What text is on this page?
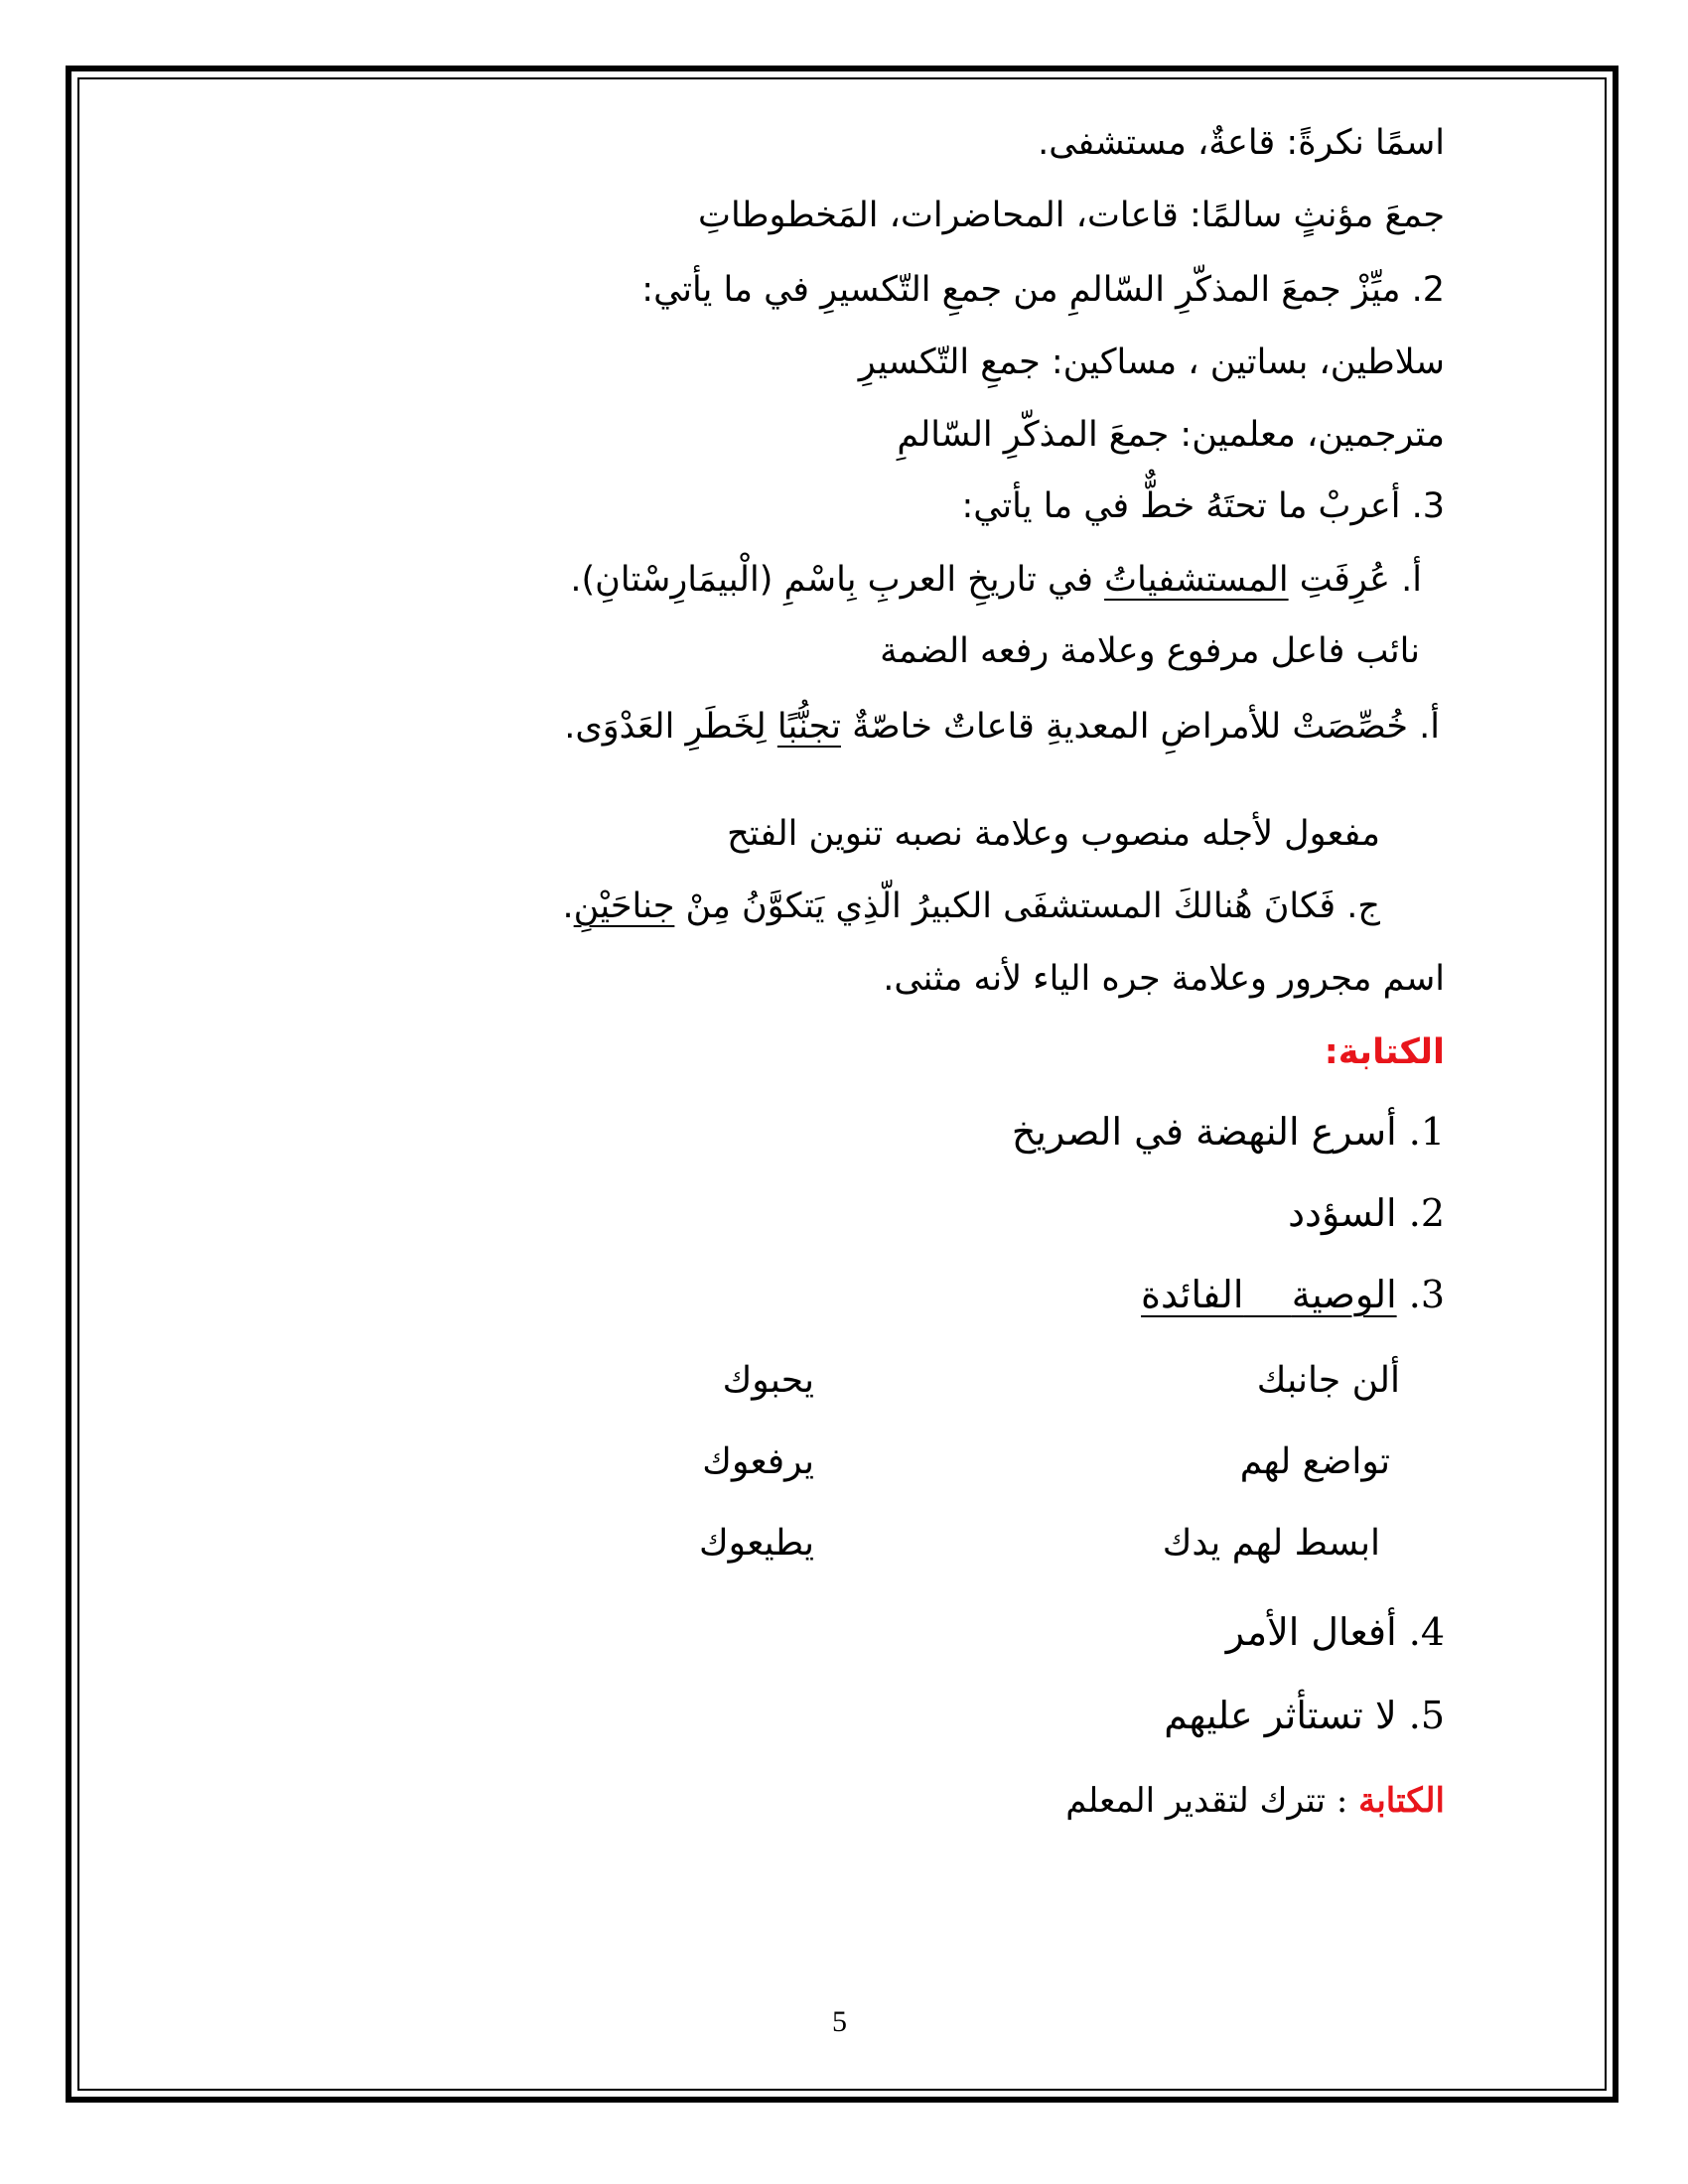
اسمًا نكرةً: قاعةٌ، مستشفى.
جمعَ مؤنثٍ سالمًا: قاعات، المحاضرات، المَخطوطاتِ
2. ميِّزْ جمعَ المذكّرِ السّالمِ من جمعِ التّكسيرِ في ما يأتي:
سلاطين، بساتين ، مساكين: جمعِ التّكسيرِ
مترجمين، معلمين: جمعَ المذكّرِ السّالمِ
3. أعربْ ما تحتَهُ خطٌّ في ما يأتي:
أ. عُرِفَتِ المستشفياتُ في تاريخِ العربِ بِاسْمِ (الْبيمَارِسْتانِ).
نائب فاعل مرفوع وعلامة رفعه الضمة
أ. خُصِّصَتْ للأمراضِ المعديةِ قاعاتٌ خاصّةٌ تجنُّبًا لِخَطَرِ العَدْوَى.
مفعول لأجله منصوب وعلامة نصبه تنوين الفتح
ج. فَكانَ هُنالكَ المستشفَى الكبيرُ الّذِي يَتكوَّنُ مِنْ جناحَيْنِ.
اسم مجرور وعلامة جره الياء لأنه مثنى.
الكتابة:
1. أسرع النهضة في الصريخ
2. السؤدد
3. الوصية    الفائدة
ألن جانبك
يحبوك
تواضع لهم
يرفعوك
ابسط لهم يدك
يطيعوك
4. أفعال الأمر
5. لا تستأثر عليهم
الكتابة : تترك لتقدير المعلم
5
